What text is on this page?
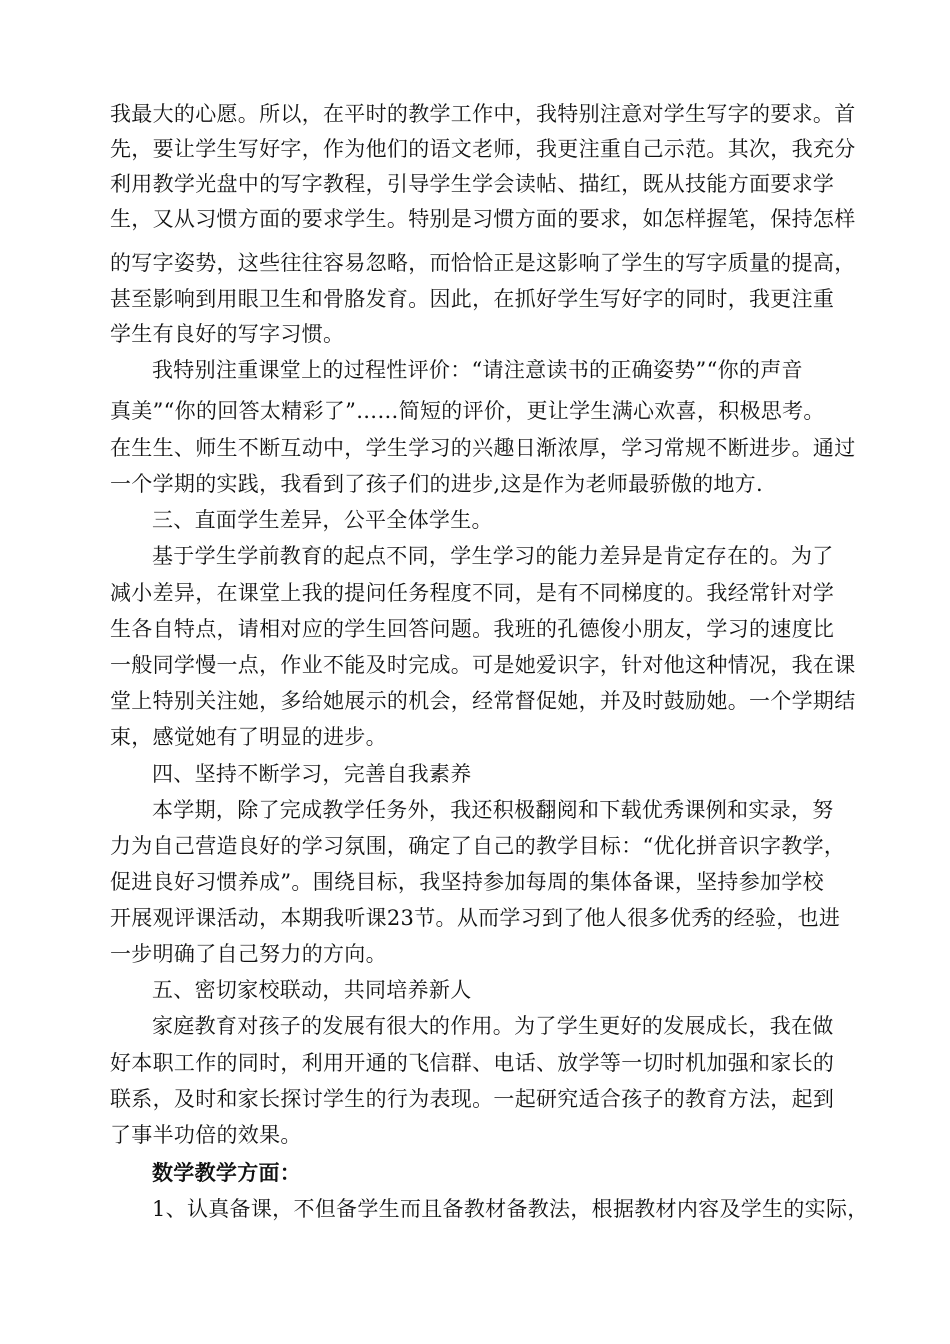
我最大的心愿。所以，在平时的教学工作中，我特别注意对学生写字的要求。首
先，要让学生写好字，作为他们的语文老师，我更注重自己示范。其次，我充分
利用教学光盘中的写字教程，引导学生学会读帖、描红，既从技能方面要求学
生，又从习惯方面的要求学生。特别是习惯方面的要求，如怎样握笔，保持怎样
的写字姿势，这些往往容易忽略，而恰恰正是这影响了学生的写字质量的提高，
甚至影响到用眼卫生和骨胳发育。因此，在抓好学生写好字的同时，我更注重
学生有良好的写字习惯。
我特别注重课堂上的过程性评价：“请注意读书的正确姿势”“你的声音
真美”“你的回答太精彩了”……简短的评价，更让学生满心欢喜，积极思考。
在生生、师生不断互动中，学生学习的兴趣日渐浓厚，学习常规不断进步。通过
一个学期的实践，我看到了孩子们的进步,这是作为老师最骄傲的地方.
三、直面学生差异，公平全体学生。
基于学生学前教育的起点不同，学生学习的能力差异是肯定存在的。为了
减小差异，在课堂上我的提问任务程度不同，是有不同梯度的。我经常针对学
生各自特点，请相对应的学生回答问题。我班的孔德俊小朋友，学习的速度比
一般同学慢一点，作业不能及时完成。可是她爱识字，针对他这种情况，我在课
堂上特别关注她，多给她展示的机会，经常督促她，并及时鼓励她。一个学期结
束，感觉她有了明显的进步。
四、坚持不断学习，完善自我素养
本学期，除了完成教学任务外，我还积极翻阅和下载优秀课例和实录，努
力为自己营造良好的学习氛围，确定了自己的教学目标：“优化拼音识字教学，
促进良好习惯养成”。围绕目标，我坚持参加每周的集体备课，坚持参加学校
开展观评课活动，本期我听课23节。从而学习到了他人很多优秀的经验，也进
一步明确了自己努力的方向。
五、密切家校联动，共同培养新人
家庭教育对孩子的发展有很大的作用。为了学生更好的发展成长，我在做
好本职工作的同时，利用开通的飞信群、电话、放学等一切时机加强和家长的
联系，及时和家长探讨学生的行为表现。一起研究适合孩子的教育方法，起到
了事半功倍的效果。
数学教学方面：
1、认真备课，不但备学生而且备教材备教法，根据教材内容及学生的实际，
